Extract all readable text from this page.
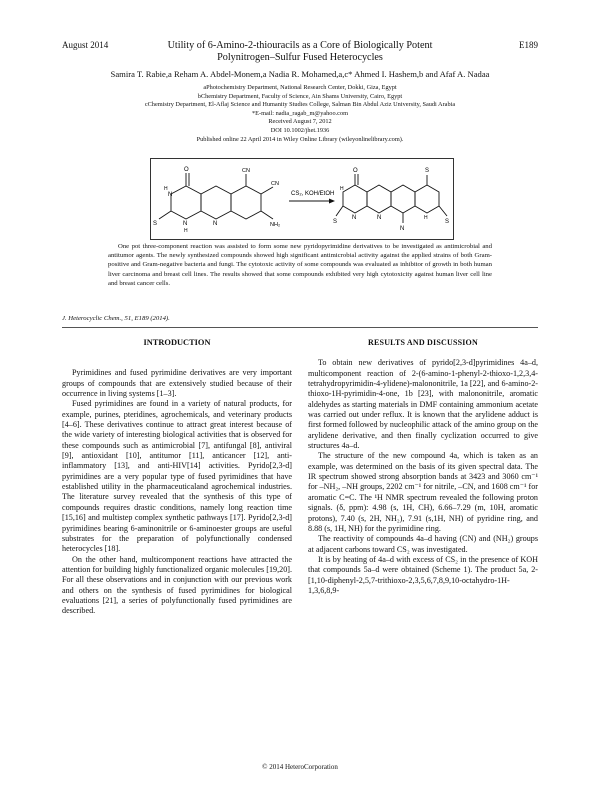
August 2014	E189
Utility of 6-Amino-2-thiouracils as a Core of Biologically Potent
Polynitrogen–Sulfur Fused Heterocycles
Samira T. Rabie,a Reham A. Abdel-Monem,a Nadia R. Mohamed,a,c* Ahmed I. Hashem,b and Afaf A. Nadaa
aPhotochemistry Department, National Research Center, Dokki, Giza, Egypt
bChemistry Department, Faculty of Science, Ain Shams University, Cairo, Egypt
cChemistry Department, El-Aflaj Science and Humanity Studies College, Salman Bin Abdul Aziz University, Saudi Arabia
*E-mail: nadia_ragab_m@yahoo.com
Received August 7, 2012
DOI 10.1002/jhet.1936
Published online 22 April 2014 in Wiley Online Library (wileyonlinelibrary.com).
O
S
N
N	N
H
H
CN
CN
NH₂
CS₂, KOH/EtOH
O
S
S
S
N	N
N
H
H
One pot three-component reaction was assisted to form some new pyridopyrimidine derivatives to be investigated as antimicrobial and antitumor agents. The newly synthesized compounds showed high significant antimicrobial activity against the applied strains of both Gram-positive and Gram-negative bacteria and fungi. The cytotoxic activity of some compounds was evaluated as inhibitor of growth in both human liver carcinoma and breast cell lines. The results showed that some compounds exhibited very high cytotoxicity against human liver cell line and breast cancer cells.
J. Heterocyclic Chem., 51, E189 (2014).
INTRODUCTION

Pyrimidines and fused pyrimidine derivatives are very important groups of compounds that are extensively studied because of their occurrence in living systems [1–3].

Fused pyrimidines are found in a variety of natural products, for example, purines, pteridines, agrochemicals, and veterinary products [4–6]. These derivatives continue to attract great interest because of the wide variety of interesting biological activities that is observed for these compounds such as antimicrobial [7], antifungal [8], antiviral [9], antioxidant [10], antitumor [11], anticancer [12], anti-inflammatory [13], and anti-HIV[14] activities. Pyrido[2,3-d] pyrimidines are a very popular type of fused pyrimidines that have established utility in the pharmaceuticaland agrochemical industries. The literature survey revealed that the synthesis of this type of compounds requires drastic conditions, namely long reaction time [15,16] and multistep complex synthetic pathways [17]. Pyrido[2,3-d] pyrimidines bearing 6-aminonitrile or 6-aminoester groups are useful substrates for the preparation of polyfunctionally condensed heterocycles [18].

On the other hand, multicomponent reactions have attracted the attention for building highly functionalized organic molecules [19,20]. For all these observations and in conjunction with our previous work and others on the synthesis of fused pyrimidines for biological evaluations [21], a series of polyfunctionally fused pyrimidines are described.

RESULTS AND DISCUSSION

To obtain new derivatives of pyrido[2,3-d]pyrimidines 4a–d, multicomponent reaction of 2-(6-amino-1-phenyl-2-thioxo-1,2,3,4-tetrahydropyrimidin-4-ylidene)-malononitrile, 1a [22], and 6-amino-2-thioxo-1H-pyrimidin-4-one, 1b [23], with malononitrile, aromatic aldehydes as starting materials in DMF containing ammonium acetate was carried out under reflux. It is known that the arylidene adduct is first formed followed by nucleophilic attack of the amino group on the arylidene derivative, and then finally cyclization occurred to give structures 4a–d.

The structure of the new compound 4a, which is taken as an example, was determined on the basis of its given spectral data. The IR spectrum showed strong absorption bands at 3423 and 3060 cm⁻¹ for –NH₂, –NH groups, 2202 cm⁻¹ for nitrile, –CN, and 1608 cm⁻¹ for aromatic C=C. The ¹H NMR spectrum revealed the following proton signals. (δ, ppm): 4.98 (s, 1H, CH), 6.66–7.29 (m, 10H, aromatic protons), 7.40 (s, 2H, NH₂), 7.91 (s,1H, NH) of pyridine ring, and 8.88 (s, 1H, NH) for the pyrimidine ring.

The reactivity of compounds 4a–d having (CN) and (NH₂) groups at adjacent carbons toward CS₂ was investigated.

It is by heating of 4a–d with excess of CS₂ in the presence of KOH that compounds 5a–d were obtained (Scheme 1). The product 5a, 2-[1,10-diphenyl-2,5,7-trithioxo-2,3,5,6,7,8,9,10-octahydro-1H-1,3,6,8,9-

© 2014 HeteroCorporation
